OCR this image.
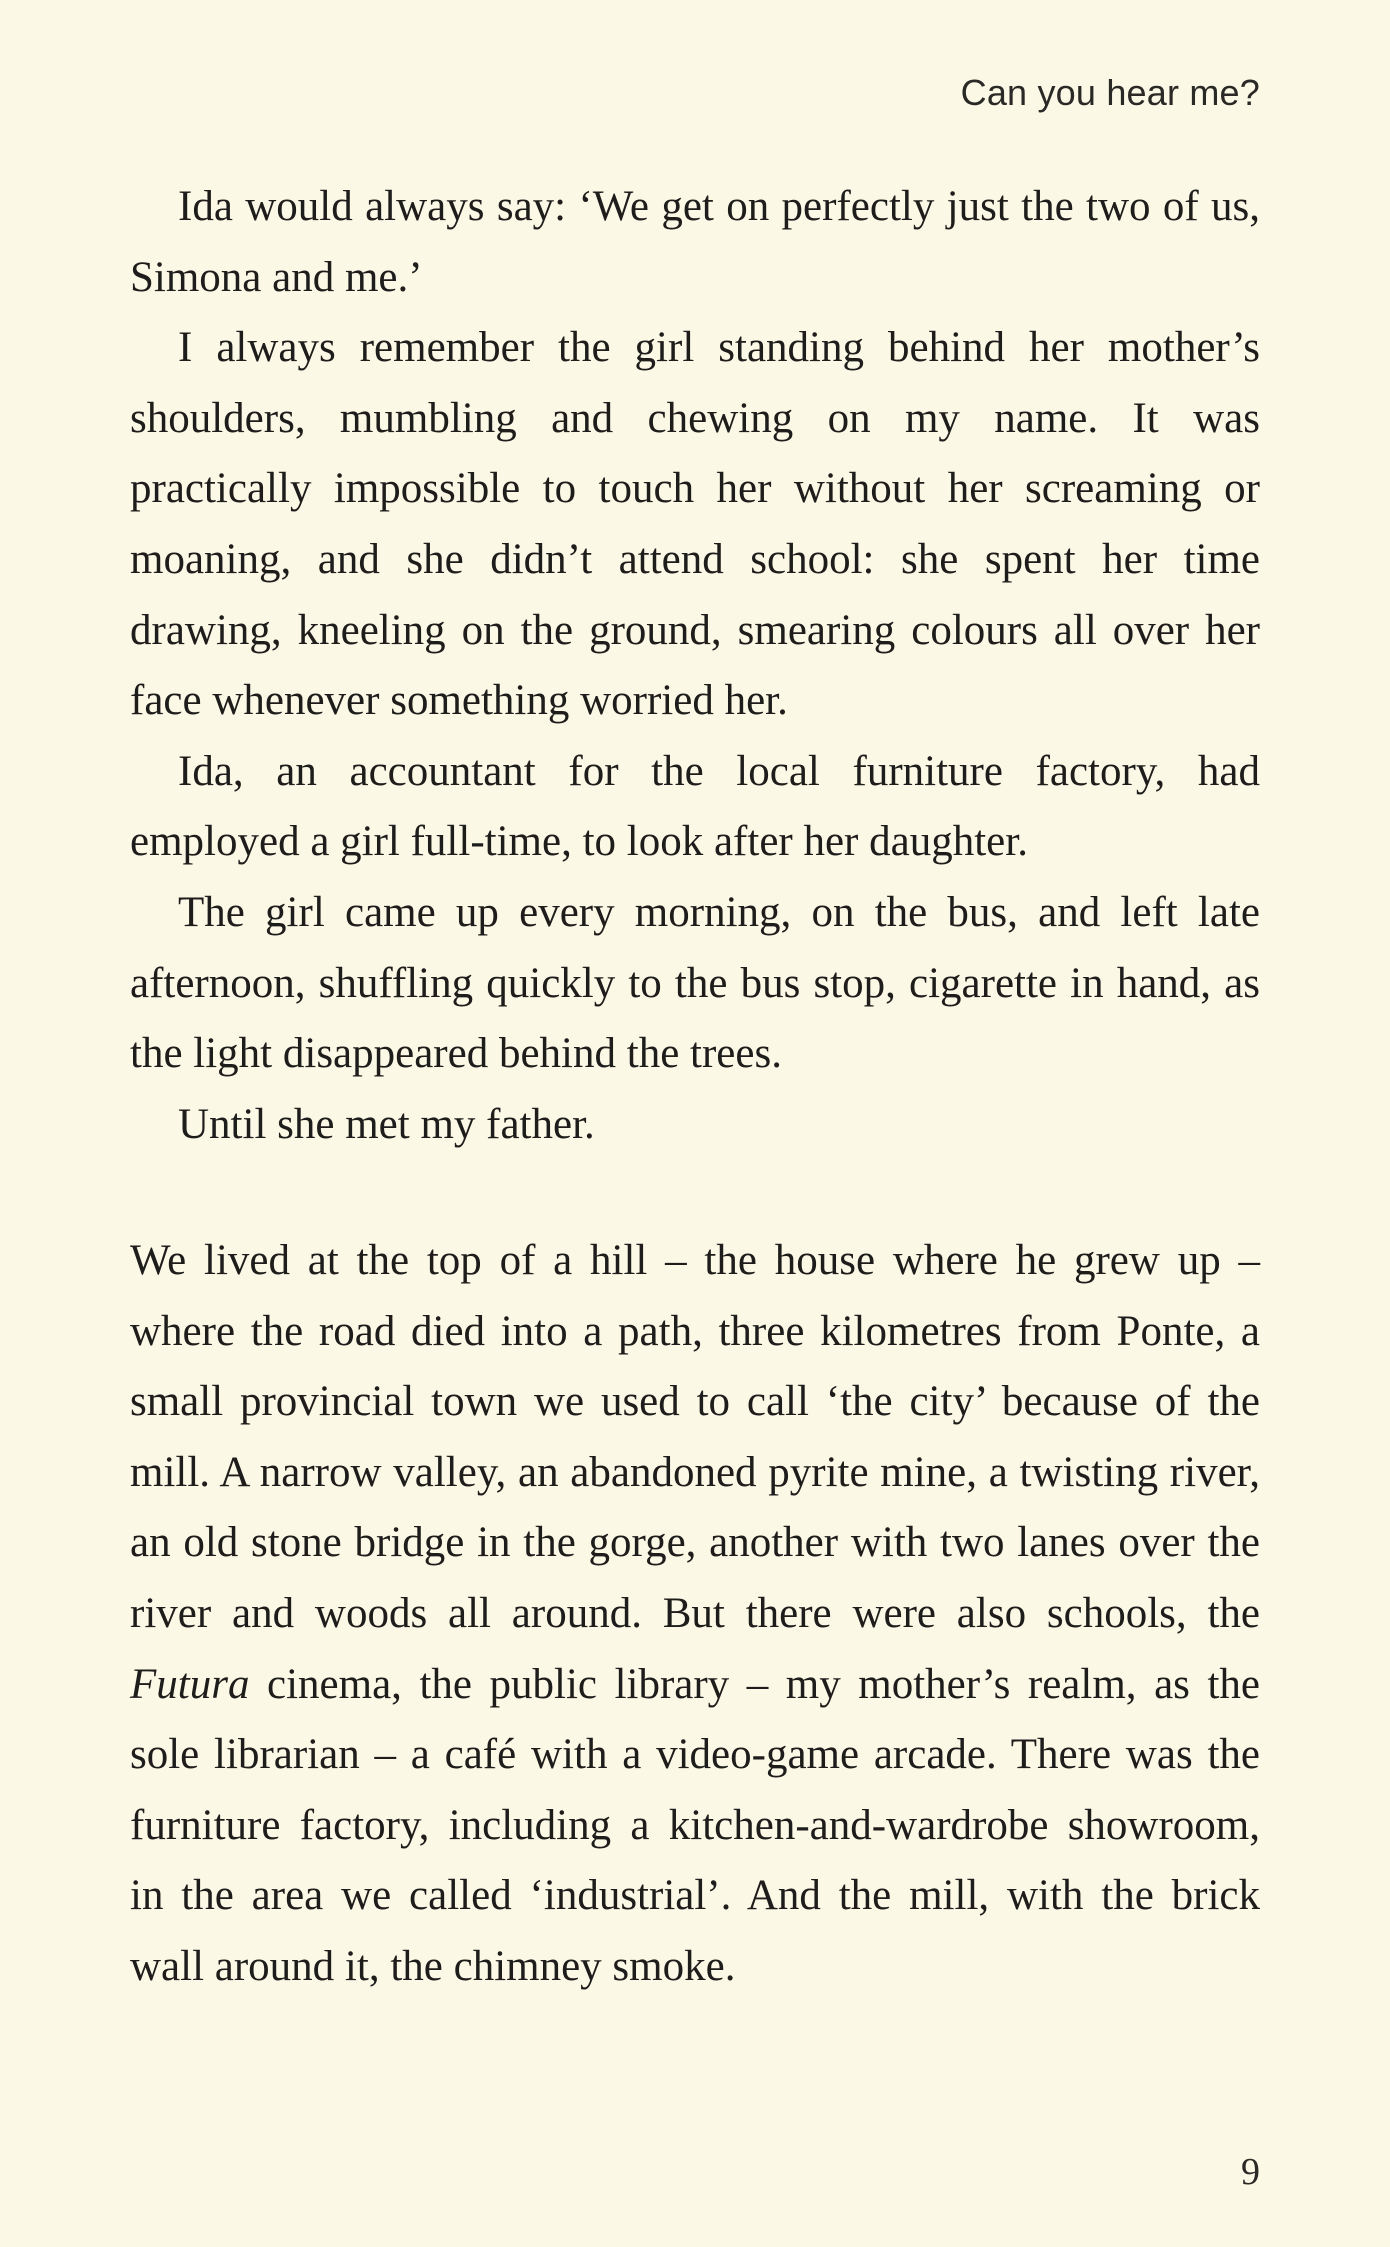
Can you hear me?

Ida would always say: ‘We get on perfectly just the two of us, Simona and me.’

I always remember the girl standing behind her mother’s shoulders, mumbling and chewing on my name. It was practically impossible to touch her without her screaming or moaning, and she didn’t attend school: she spent her time drawing, kneeling on the ground, smearing colours all over her face whenever something worried her.

Ida, an accountant for the local furniture factory, had employed a girl full-time, to look after her daughter.

The girl came up every morning, on the bus, and left late afternoon, shuffling quickly to the bus stop, cigarette in hand, as the light disappeared behind the trees.

Until she met my father.

We lived at the top of a hill – the house where he grew up – where the road died into a path, three kilometres from Ponte, a small provincial town we used to call ‘the city’ because of the mill. A narrow valley, an abandoned pyrite mine, a twisting river, an old stone bridge in the gorge, another with two lanes over the river and woods all around. But there were also schools, the Futura cinema, the public library – my mother’s realm, as the sole librarian – a café with a video-game arcade. There was the furniture factory, including a kitchen-and-wardrobe showroom, in the area we called ‘industrial’. And the mill, with the brick wall around it, the chimney smoke.

9
